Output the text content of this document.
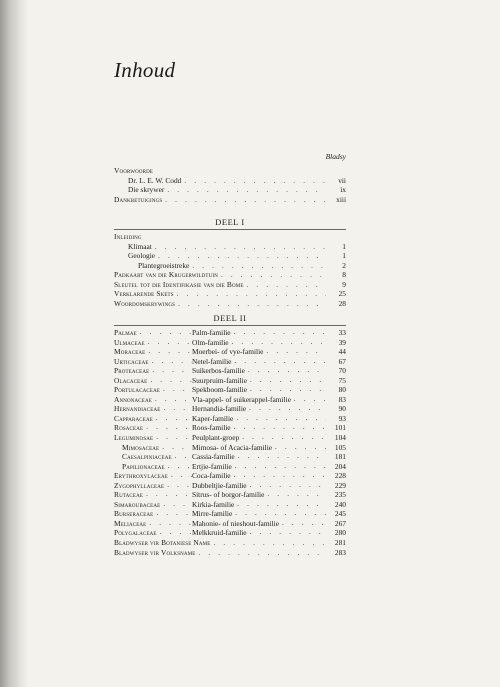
Inhoud
Bladsy
Voorwoorde
Dr. L. E. W. Codd . . .	vii
Die skrywer . . .	ix
Dankbetuigings . . .	xiii
DEEL I
Inleiding
Klimaat . . .	1
Geologie . . .	1
Plantegroeistreke . . .	2
Padkaart van die Krugerwildtuin . . .	8
Sleutel tot die Identifikasie van die Bome . . .	9
Verklarende Skets . . .	25
Woordomskrywings . . .	28
DEEL II
Palmae . . .	Palm-familie . . .	33
Ulmaceae . . .	Olm-familie . . .	39
Moraceae . . .	Moerbei- of vye-familie . . .	44
Urticaceae . . .	Netel-familie . . .	67
Proteaceae . . .	Suikerbos-familie . . .	70
Olacaceae . . .	Suurpruim-familie . . .	75
Portulacaceae . . .	Spekboom-familie . . .	80
Annonaceae . . .	Vla-appel- of suikerappel-familie . . .	83
Hernandiaceae . . .	Hernandia-familie . . .	90
Capparaceae . . .	Kaper-familie . . .	93
Rosaceae . . .	Roos-familie . . .	101
Leguminosae . . .	Peulplant-groep . . .	104
Mimosaceae . . .	Mimosa- of Acacia-familie . . .	105
Caesalpiniaceae . . .	Cassia-familie . . .	181
Papilionaceae . . .	Ertjie-familie . . .	204
Erythroxylaceae . . .	Coca-familie . . .	228
Zygophyllaceae . . .	Dubbeltjie-familie . . .	229
Rutaceae . . .	Sitrus- of borgor-familie . . .	235
Simaroubaceae . . .	Kirkia-familie . . .	240
Burseraceae . . .	Mirre-familie . . .	245
Meliaceae . . .	Mahonie- of nieshout-familie . . .	267
Polygalaceae . . .	Melkkruid-familie . . .	280
Bladwyser vir Botaniese Name . . .	281
Bladwyser vir Volksname . . .	283
